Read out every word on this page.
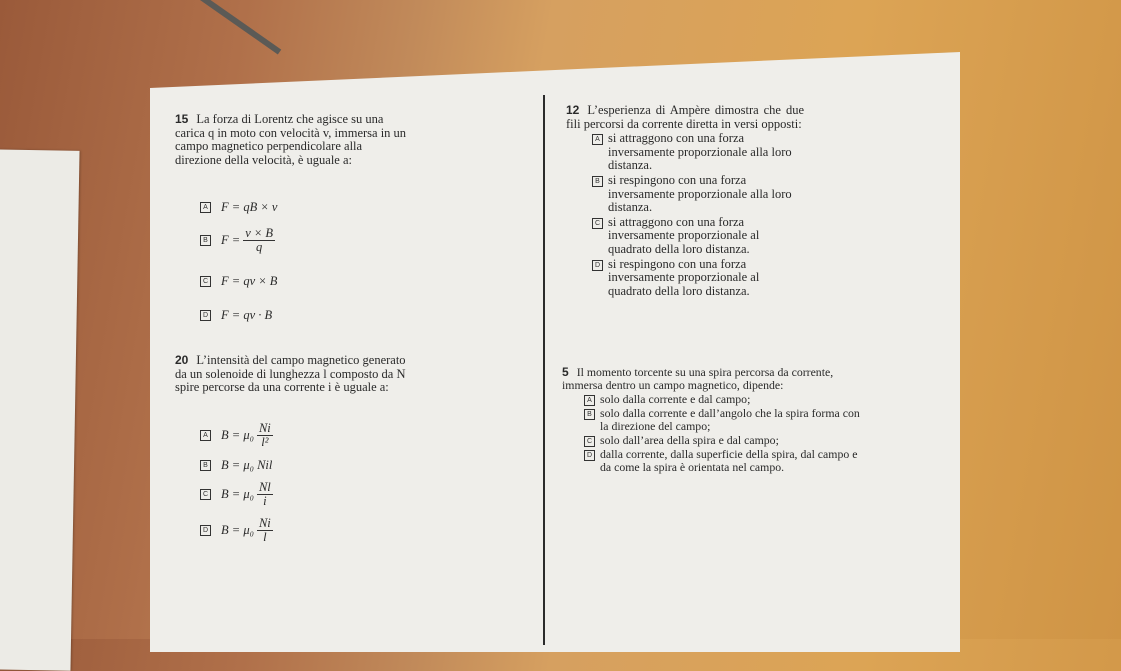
15 La forza di Lorentz che agisce su una carica q in moto con velocità v, immersa in un campo magnetico perpendicolare alla direzione della velocità, è uguale a:
A F = qB × v
B $F = \frac{v \times B}{q}$
C F = qv × B
D F = qv · B
20 L’intensità del campo magnetico generato da un solenoide di lunghezza l composto da N spire percorse da una corrente i è uguale a:
A $B = \mu_0 \frac{Ni}{\text{l²}}$
B B = μ₀ Nil
C $B = \mu_0 \frac{Nl}{i}$
D $B = \mu_0 \frac{Ni}{l}$
12 L’esperienza di Ampère dimostra che due fili percorsi da corrente diretta in versi opposti:
A si attraggono con una forza inversamente proporzionale alla loro distanza.
B si respingono con una forza inversamente proporzionale alla loro distanza.
C si attraggono con una forza inversamente proporzionale al quadrato della loro distanza.
D si respingono con una forza inversamente proporzionale al quadrato della loro distanza.
5 Il momento torcente su una spira percorsa da corrente, immersa dentro un campo magnetico, dipende:
A solo dalla corrente e dal campo;
B solo dalla corrente e dall’angolo che la spira forma con la direzione del campo;
C solo dall’area della spira e dal campo;
D dalla corrente, dalla superficie della spira, dal campo e da come la spira è orientata nel campo.
